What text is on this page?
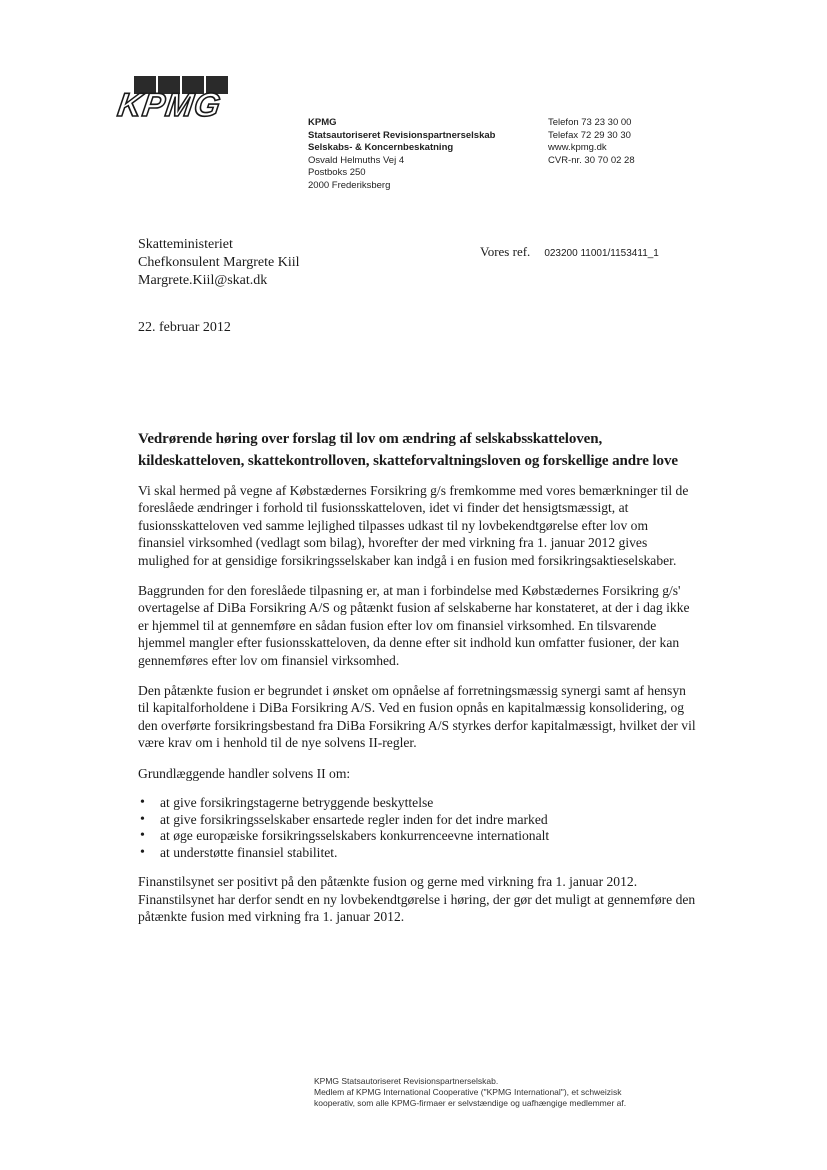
KPMG	KPMG
Statsautoriseret Revisionspartnerselskab
Selskabs- & Koncernbeskatning
Osvald Helmuths Vej 4
Postboks 250
2000 Frederiksberg
Telefon 73 23 30 00
Telefax 72 29 30 30
www.kpmg.dk
CVR-nr. 30 70 02 28
Skatteministeriet
Chefkonsulent Margrete Kiil
Margrete.Kiil@skat.dk
Vores ref. 023200 11001/1153411_1
22. februar 2012
Vedrørende høring over forslag til lov om ændring af selskabsskatteloven, kildeskatteloven, skattekontrolloven, skatteforvaltningsloven og forskellige andre love

Vi skal hermed på vegne af Købstædernes Forsikring g/s fremkomme med vores bemærkninger til de foreslåede ændringer i forhold til fusionsskatteloven, idet vi finder det hensigtsmæssigt, at fusionsskatteloven ved samme lejlighed tilpasses udkast til ny lovbekendtgørelse efter lov om finansiel virksomhed (vedlagt som bilag), hvorefter der med virkning fra 1. januar 2012 gives mulighed for at gensidige forsikringsselskaber kan indgå i en fusion med forsikringsaktieselskaber.

Baggrunden for den foreslåede tilpasning er, at man i forbindelse med Købstædernes Forsikring g/s' overtagelse af DiBa Forsikring A/S og påtænkt fusion af selskaberne har konstateret, at der i dag ikke er hjemmel til at gennemføre en sådan fusion efter lov om finansiel virksomhed. En tilsvarende hjemmel mangler efter fusionsskatteloven, da denne efter sit indhold kun omfatter fusioner, der kan gennemføres efter lov om finansiel virksomhed.

Den påtænkte fusion er begrundet i ønsket om opnåelse af forretningsmæssig synergi samt af hensyn til kapitalforholdene i DiBa Forsikring A/S. Ved en fusion opnås en kapitalmæssig konsolidering, og den overførte forsikringsbestand fra DiBa Forsikring A/S styrkes derfor kapitalmæssigt, hvilket der vil være krav om i henhold til de nye solvens II-regler.

Grundlæggende handler solvens II om:

• at give forsikringstagerne betryggende beskyttelse
• at give forsikringsselskaber ensartede regler inden for det indre marked
• at øge europæiske forsikringsselskabers konkurrenceevne internationalt
• at understøtte finansiel stabilitet.

Finanstilsynet ser positivt på den påtænkte fusion og gerne med virkning fra 1. januar 2012. Finanstilsynet har derfor sendt en ny lovbekendtgørelse i høring, der gør det muligt at gennemføre den påtænkte fusion med virkning fra 1. januar 2012.

KPMG Statsautoriseret Revisionspartnerselskab.
Medlem af KPMG International Cooperative ("KPMG International"), et schweizisk
kooperativ, som alle KPMG-firmaer er selvstændige og uafhængige medlemmer af.
